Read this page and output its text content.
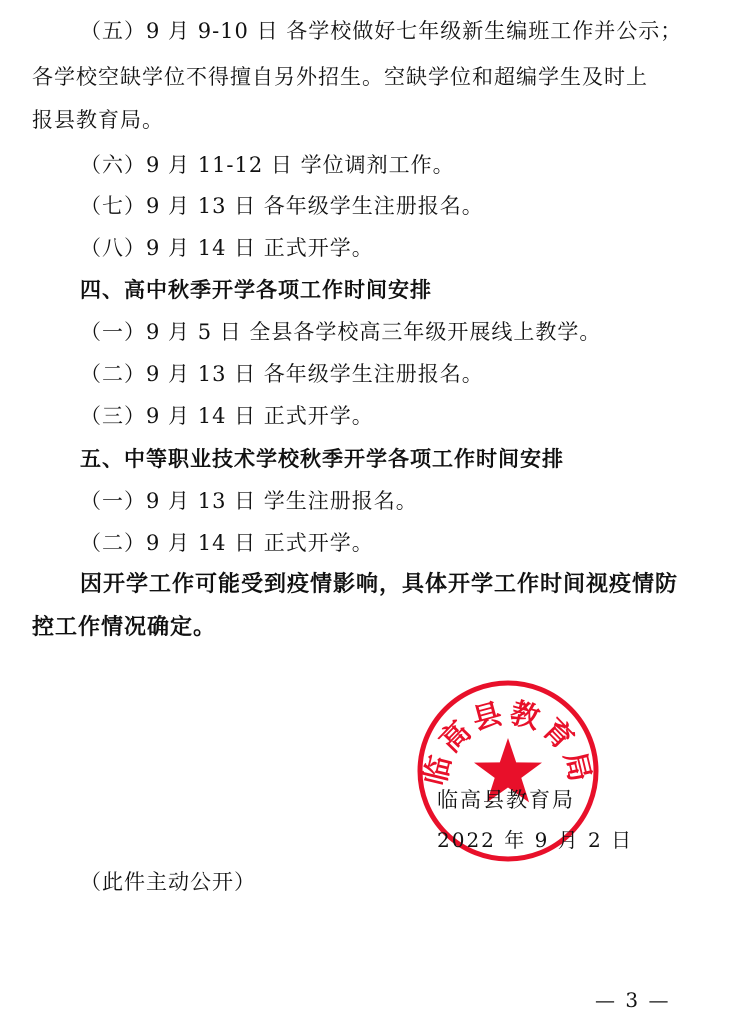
（五）9 月 9-10 日 各学校做好七年级新生编班工作并公示；
各学校空缺学位不得擅自另外招生。空缺学位和超编学生及时上
报县教育局。
（六）9 月 11-12 日 学位调剂工作。
（七）9 月 13 日 各年级学生注册报名。
（八）9 月 14 日 正式开学。
四、高中秋季开学各项工作时间安排
（一）9 月 5 日 全县各学校高三年级开展线上教学。
（二）9 月 13 日 各年级学生注册报名。
（三）9 月 14 日 正式开学。
五、中等职业技术学校秋季开学各项工作时间安排
（一）9 月 13 日 学生注册报名。
（二）9 月 14 日 正式开学。
因开学工作可能受到疫情影响，具体开学工作时间视疫情防
控工作情况确定。
临高县教育局
临高县教育局
2022 年 9 月 2 日
（此件主动公开）
— 3 —
